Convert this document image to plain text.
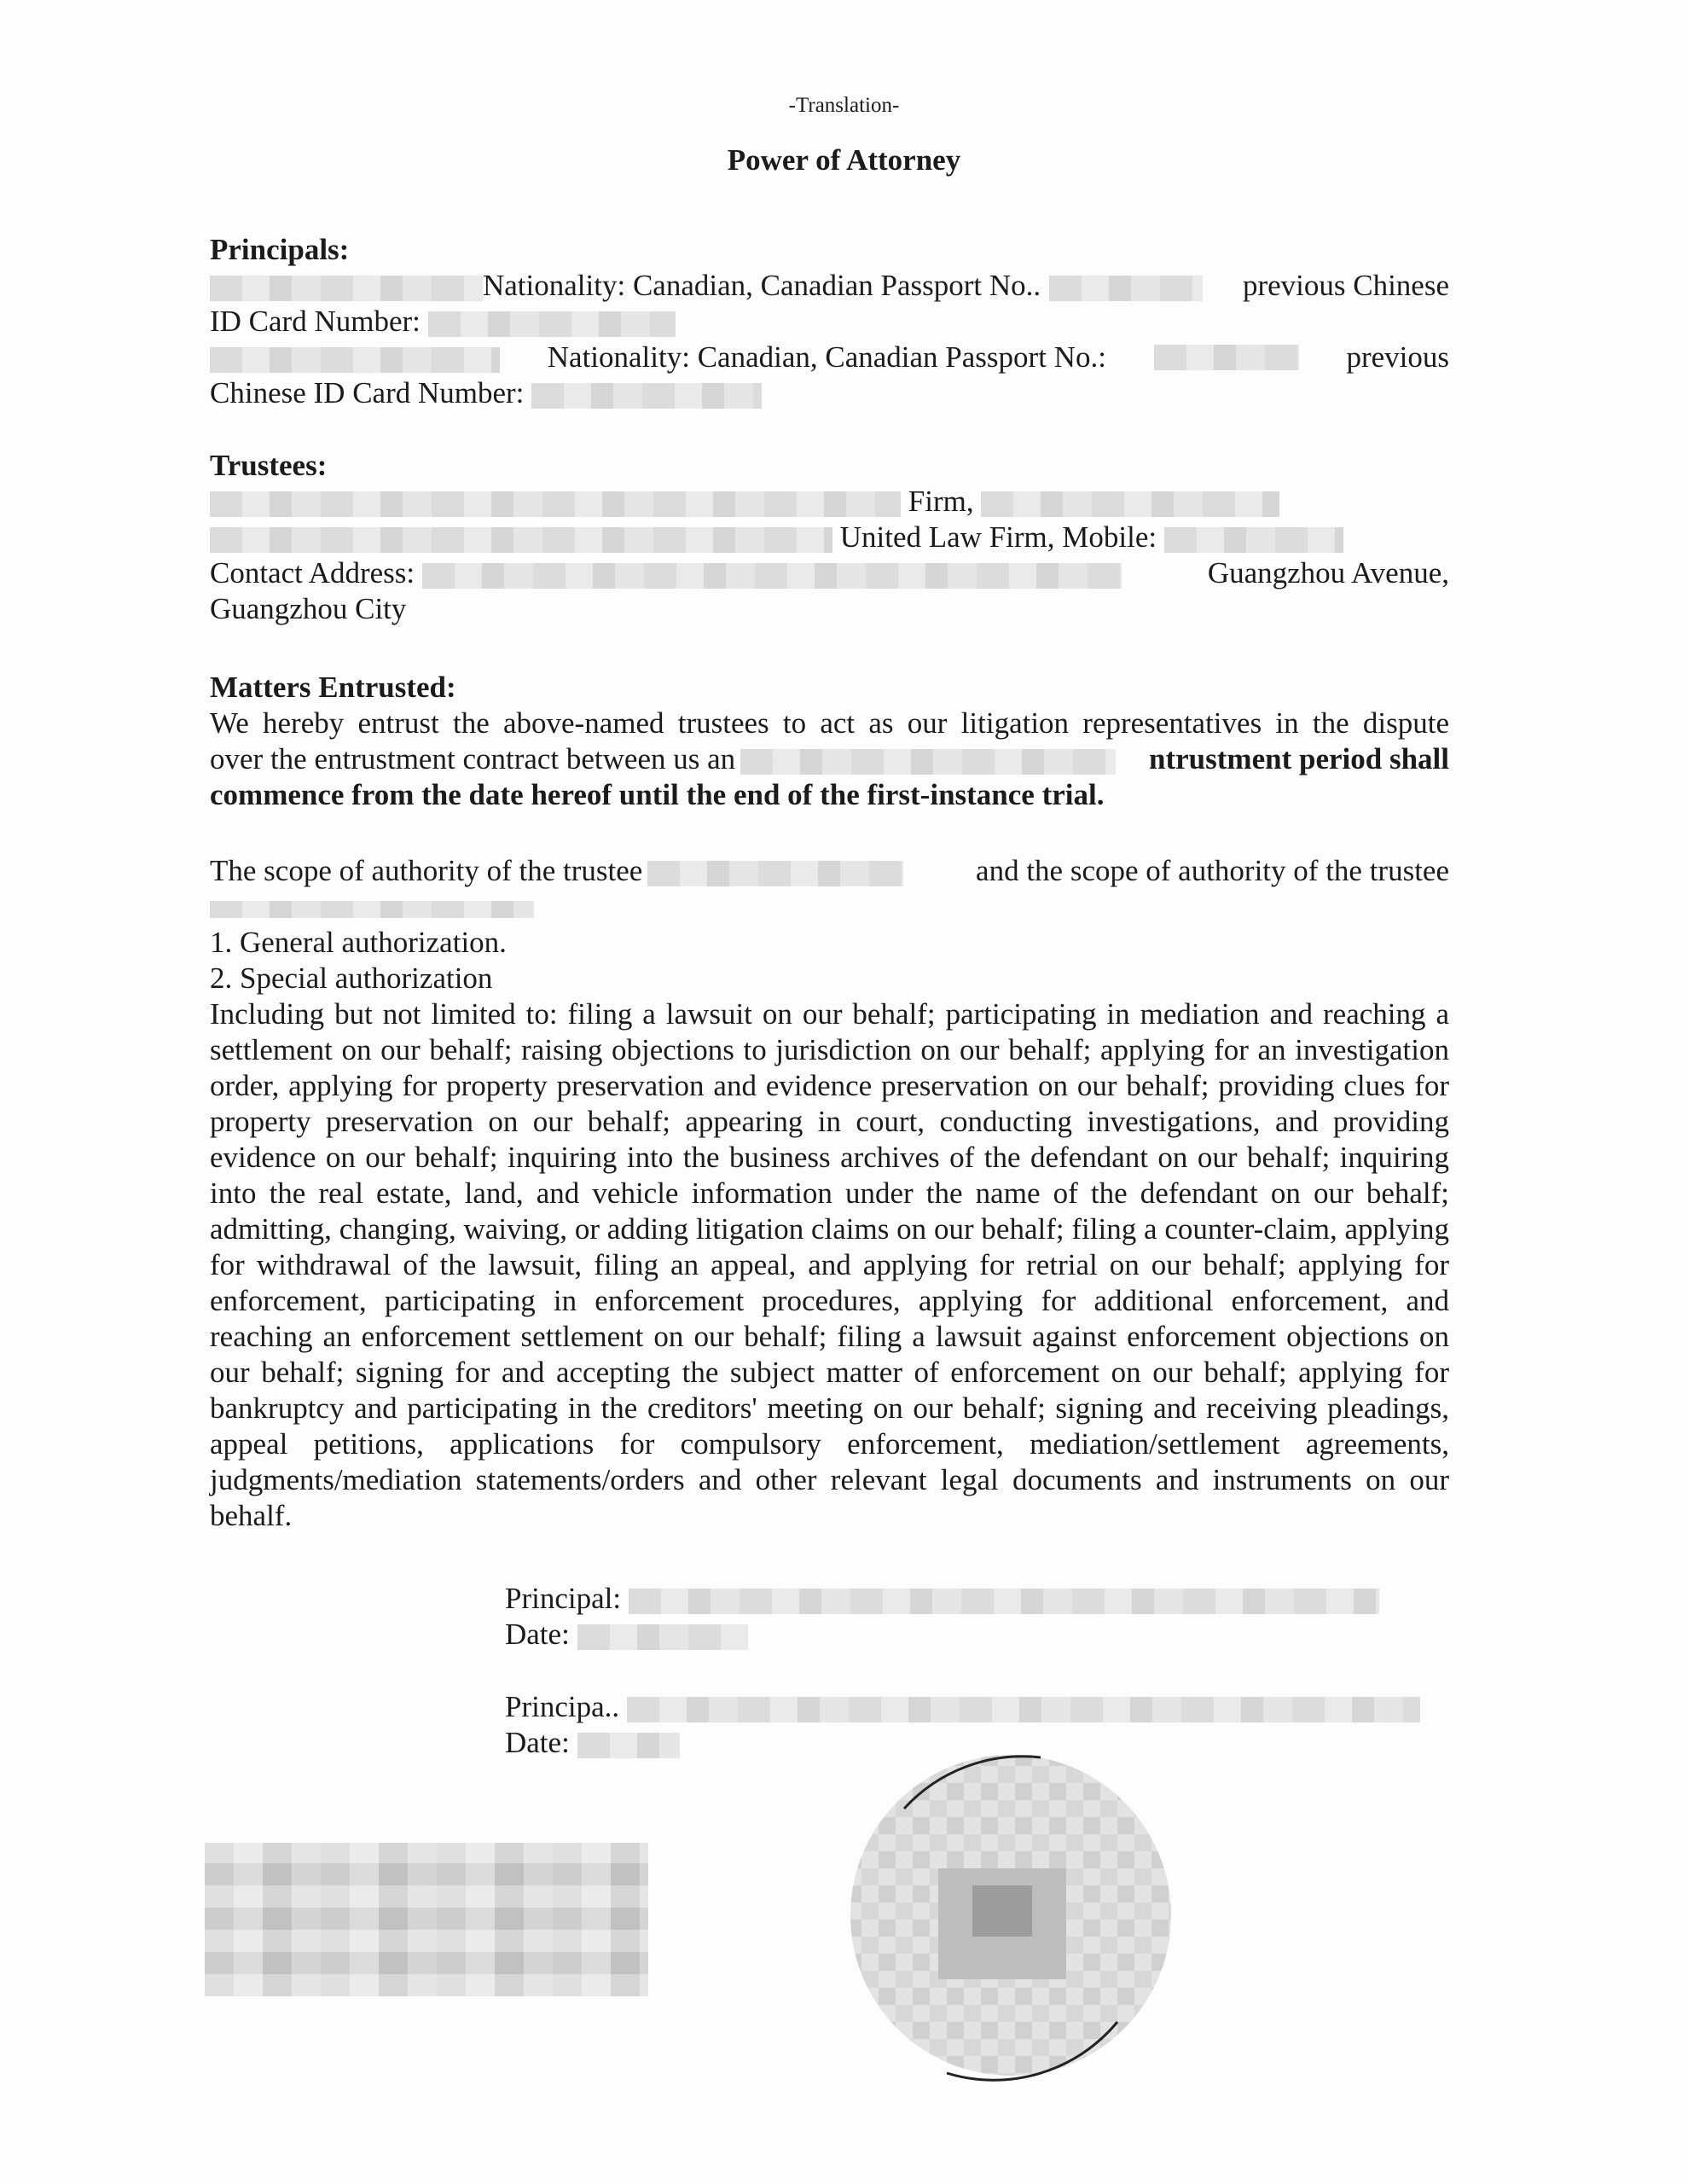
-Translation-
Power of Attorney
Principals:
Nationality: Canadian, Canadian Passport No..	previous Chinese
ID Card Number:
Nationality: Canadian, Canadian Passport No.:	previous
Chinese ID Card Number:
Trustees:
Firm,
United Law Firm, Mobile:
Contact Address:	Guangzhou Avenue,
Guangzhou City
Matters Entrusted:
We hereby entrust the above-named trustees to act as our litigation representatives in the dispute
over the entrustment contract between us an	ntrustment period shall
commence from the date hereof until the end of the first-instance trial.
The scope of authority of the trustee	and the scope of authority of the trustee
1. General authorization.
2. Special authorization
Including but not limited to: filing a lawsuit on our behalf; participating in mediation and reaching a settlement on our behalf; raising objections to jurisdiction on our behalf; applying for an investigation order, applying for property preservation and evidence preservation on our behalf; providing clues for property preservation on our behalf; appearing in court, conducting investigations, and providing evidence on our behalf; inquiring into the business archives of the defendant on our behalf; inquiring into the real estate, land, and vehicle information under the name of the defendant on our behalf; admitting, changing, waiving, or adding litigation claims on our behalf; filing a counter-claim, applying for withdrawal of the lawsuit, filing an appeal, and applying for retrial on our behalf; applying for enforcement, participating in enforcement procedures, applying for additional enforcement, and reaching an enforcement settlement on our behalf; filing a lawsuit against enforcement objections on our behalf; signing for and accepting the subject matter of enforcement on our behalf; applying for bankruptcy and participating in the creditors' meeting on our behalf; signing and receiving pleadings, appeal petitions, applications for compulsory enforcement, mediation/settlement agreements, judgments/mediation statements/orders and other relevant legal documents and instruments on our behalf.
Principal:
Date:
Principa..
Date:
